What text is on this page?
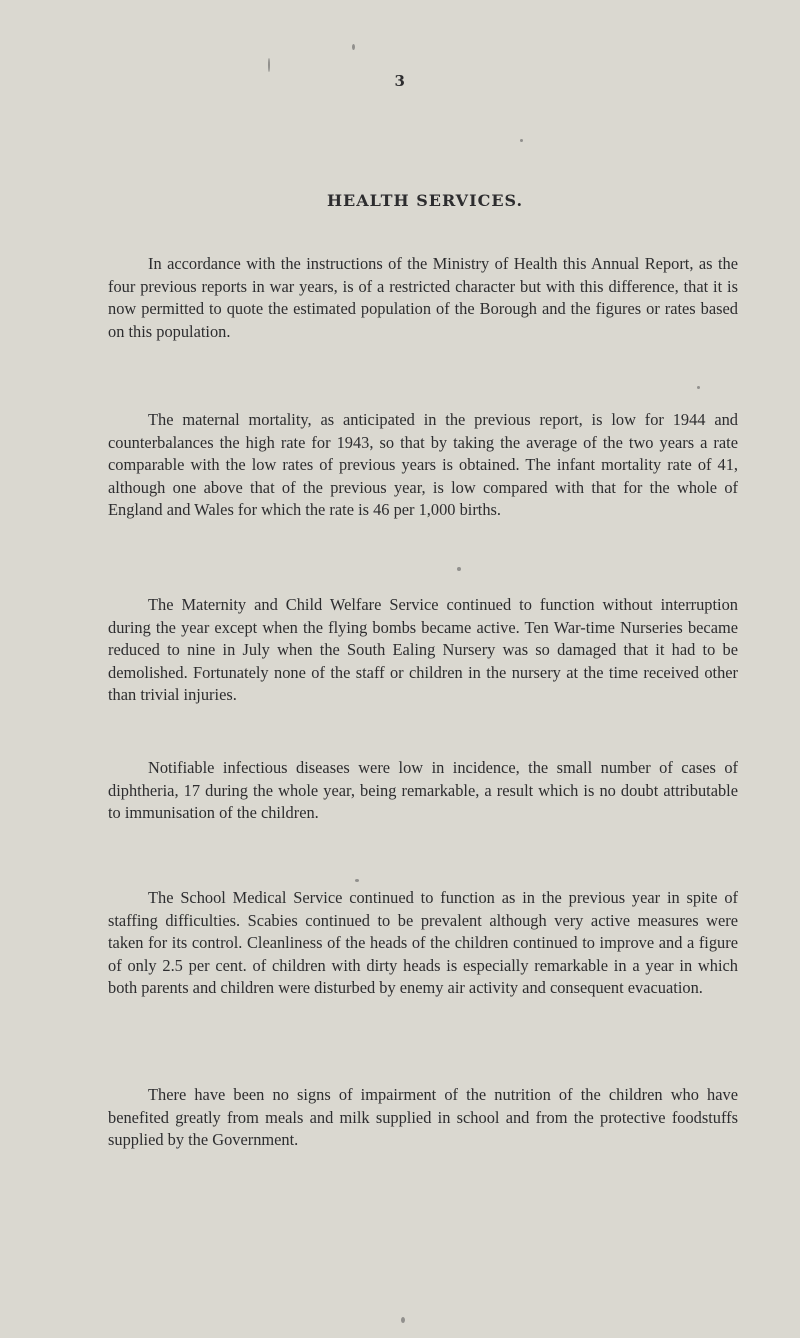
3
HEALTH SERVICES.

In accordance with the instructions of the Ministry of Health this Annual Report, as the four previous reports in war years, is of a restricted character but with this difference, that it is now permitted to quote the estimated population of the Borough and the figures or rates based on this population.

The maternal mortality, as anticipated in the previous report, is low for 1944 and counterbalances the high rate for 1943, so that by taking the average of the two years a rate comparable with the low rates of previous years is obtained. The infant mortality rate of 41, although one above that of the previous year, is low compared with that for the whole of England and Wales for which the rate is 46 per 1,000 births.

The Maternity and Child Welfare Service continued to function without interruption during the year except when the flying bombs became active. Ten War-time Nurseries became reduced to nine in July when the South Ealing Nursery was so damaged that it had to be demolished. Fortunately none of the staff or children in the nursery at the time received other than trivial injuries.

Notifiable infectious diseases were low in incidence, the small number of cases of diphtheria, 17 during the whole year, being remarkable, a result which is no doubt attributable to immunisation of the children.

The School Medical Service continued to function as in the previous year in spite of staffing difficulties. Scabies continued to be prevalent although very active measures were taken for its control. Cleanliness of the heads of the children continued to improve and a figure of only 2.5 per cent. of children with dirty heads is especially remarkable in a year in which both parents and children were disturbed by enemy air activity and consequent evacuation.

There have been no signs of impairment of the nutrition of the children who have benefited greatly from meals and milk supplied in school and from the protective foodstuffs supplied by the Government.
